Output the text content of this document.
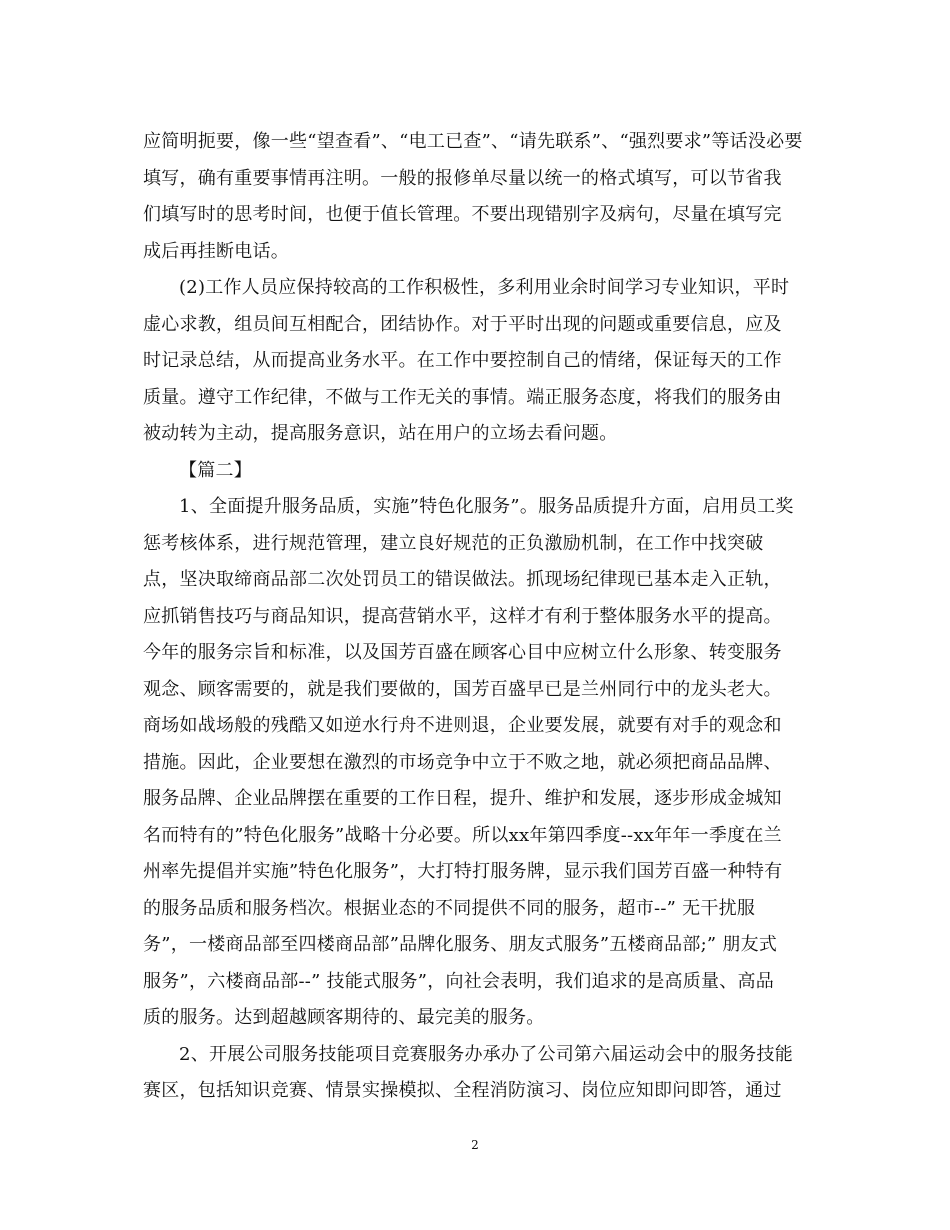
应简明扼要，像一些“望查看”、“电工已查”、“请先联系”、“强烈要求”等话没必要
填写，确有重要事情再注明。一般的报修单尽量以统一的格式填写，可以节省我
们填写时的思考时间，也便于值长管理。不要出现错别字及病句，尽量在填写完
成后再挂断电话。

(2)工作人员应保持较高的工作积极性，多利用业余时间学习专业知识，平时
虚心求教，组员间互相配合，团结协作。对于平时出现的问题或重要信息，应及
时记录总结，从而提高业务水平。在工作中要控制自己的情绪，保证每天的工作
质量。遵守工作纪律，不做与工作无关的事情。端正服务态度，将我们的服务由
被动转为主动，提高服务意识，站在用户的立场去看问题。

【篇二】

1、全面提升服务品质，实施”特色化服务”。服务品质提升方面，启用员工奖
惩考核体系，进行规范管理，建立良好规范的正负激励机制，在工作中找突破
点，坚决取缔商品部二次处罚员工的错误做法。抓现场纪律现已基本走入正轨，
应抓销售技巧与商品知识，提高营销水平，这样才有利于整体服务水平的提高。
今年的服务宗旨和标准，以及国芳百盛在顾客心目中应树立什么形象、转变服务
观念、顾客需要的，就是我们要做的，国芳百盛早已是兰州同行中的龙头老大。
商场如战场般的残酷又如逆水行舟不进则退，企业要发展，就要有对手的观念和
措施。因此，企业要想在激烈的市场竞争中立于不败之地，就必须把商品品牌、
服务品牌、企业品牌摆在重要的工作日程，提升、维护和发展，逐步形成金城知
名而特有的”特色化服务”战略十分必要。所以xx年第四季度--xx年年一季度在兰
州率先提倡并实施”特色化服务”，大打特打服务牌，显示我们国芳百盛一种特有
的服务品质和服务档次。根据业态的不同提供不同的服务，超市--” 无干扰服
务”，一楼商品部至四楼商品部”品牌化服务、朋友式服务”五楼商品部;” 朋友式
服务”，六楼商品部--” 技能式服务”，向社会表明，我们追求的是高质量、高品
质的服务。达到超越顾客期待的、最完美的服务。

2、开展公司服务技能项目竞赛服务办承办了公司第六届运动会中的服务技能
赛区，包括知识竞赛、情景实操模拟、全程消防演习、岗位应知即问即答，通过

2
